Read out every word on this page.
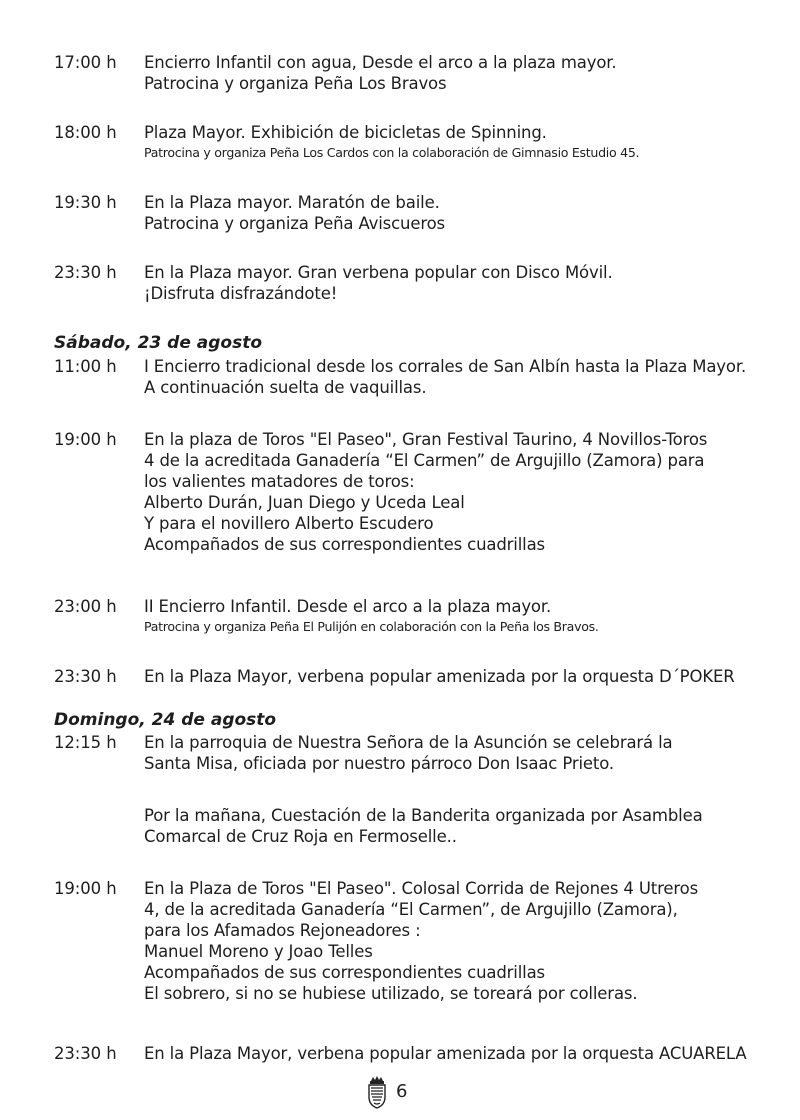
17:00 h	Encierro Infantil con agua, Desde el arco a la plaza mayor.
Patrocina y organiza Peña Los Bravos
18:00 h	Plaza Mayor. Exhibición de bicicletas de Spinning.
Patrocina y organiza Peña Los Cardos con la colaboración de Gimnasio Estudio 45.
19:30 h	En la Plaza mayor. Maratón de baile.
Patrocina y organiza Peña Aviscueros
23:30 h	En la Plaza mayor. Gran verbena popular con Disco Móvil.
¡Disfruta disfrazándote!
Sábado, 23 de agosto
11:00 h	I Encierro tradicional desde los corrales de San Albín hasta la Plaza Mayor.
A continuación suelta de vaquillas.
19:00 h	En la plaza de Toros "El Paseo", Gran Festival Taurino, 4 Novillos-Toros
4 de la acreditada Ganadería “El Carmen” de Argujillo (Zamora) para
los valientes matadores de toros:
Alberto Durán, Juan Diego y Uceda Leal
Y para el novillero Alberto Escudero
Acompañados de sus correspondientes cuadrillas
23:00 h	II Encierro Infantil. Desde el arco a la plaza mayor.
Patrocina y organiza Peña El Pulijón en colaboración con la Peña los Bravos.
23:30 h	En la Plaza Mayor, verbena popular amenizada por la orquesta D´POKER
Domingo, 24 de agosto
12:15 h	En la parroquia de Nuestra Señora de la Asunción se celebrará la
Santa Misa, oficiada por nuestro párroco Don Isaac Prieto.
Por la mañana, Cuestación de la Banderita organizada por Asamblea
Comarcal de Cruz Roja en Fermoselle..
19:00 h	En la Plaza de Toros "El Paseo". Colosal Corrida de Rejones 4 Utreros
4, de la acreditada Ganadería “El Carmen”, de Argujillo (Zamora),
para los Afamados Rejoneadores :
Manuel Moreno y Joao Telles
Acompañados de sus correspondientes cuadrillas
El sobrero, si no se hubiese utilizado, se toreará por colleras.
23:30 h	En la Plaza Mayor, verbena popular amenizada por la orquesta ACUARELA
6
